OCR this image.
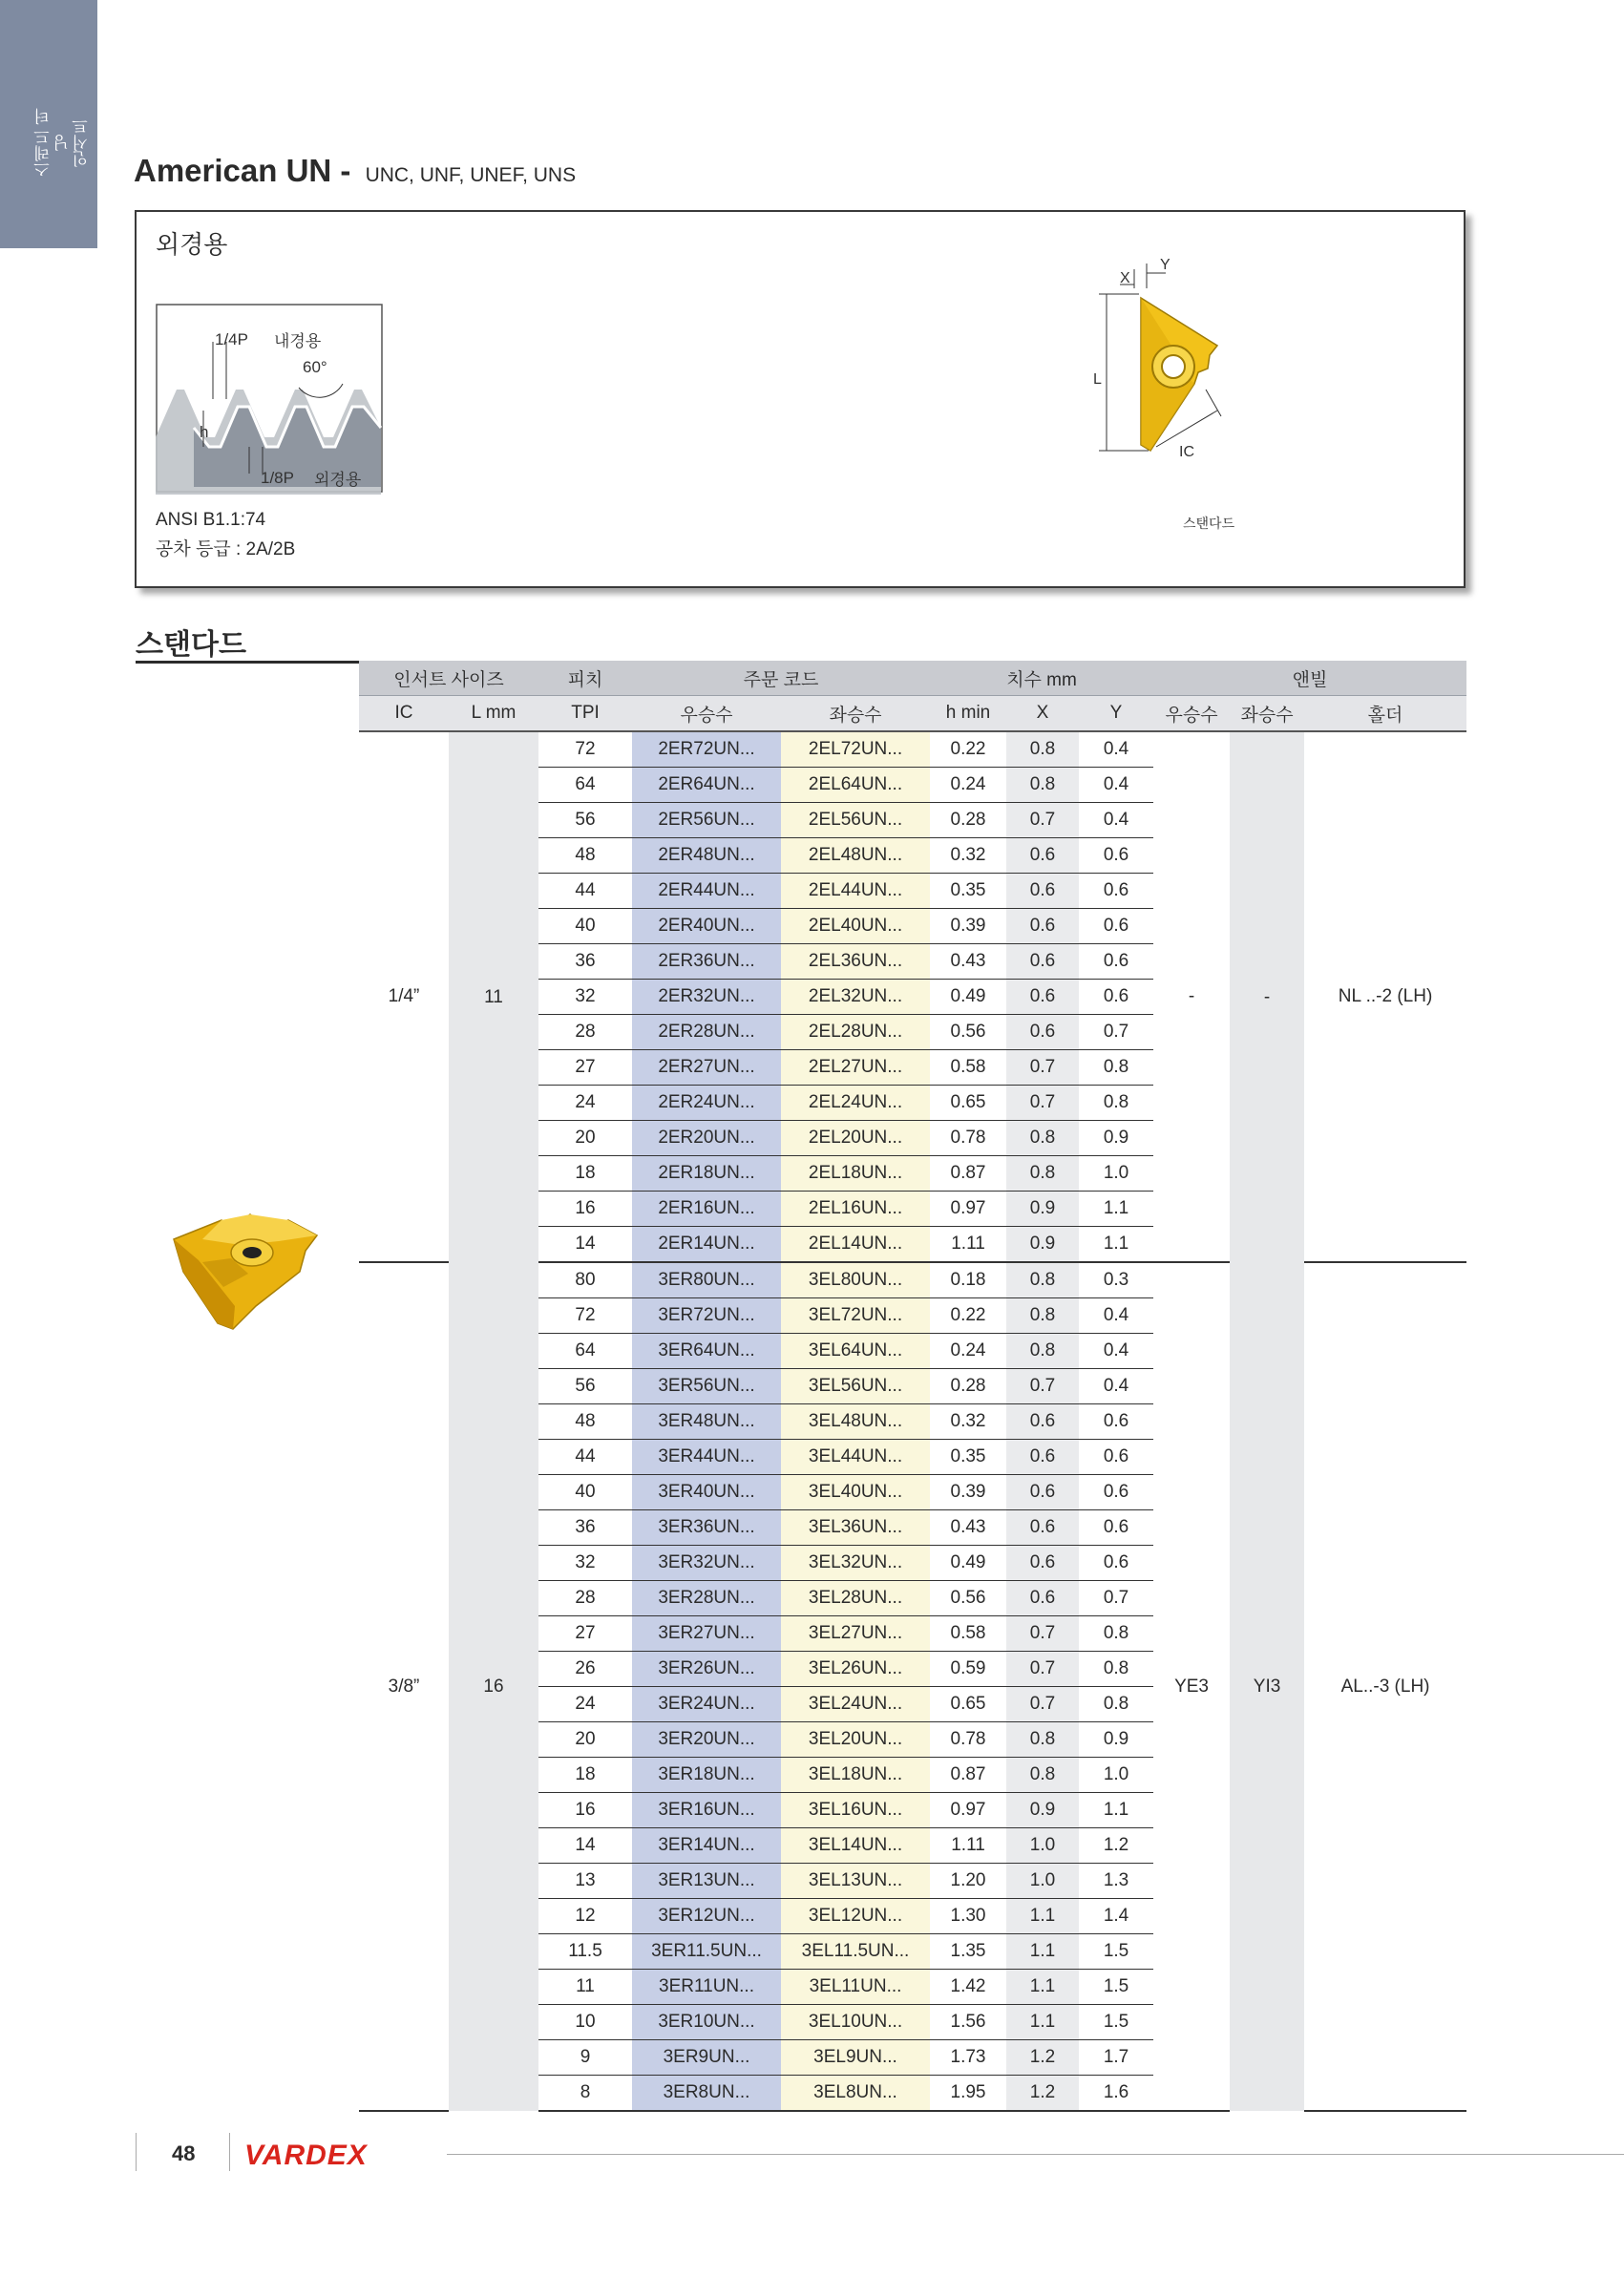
스레드 터닝 인서트
American UN - UNC, UNF, UNEF, UNS
외경용
1/4P 내경용
60°
h
1/8P 외경용
ANSI B1.1:74
공차 등급 : 2A/2B
Y
X
L
IC
스탠다드
스탠다드
인서트 사이즈		피치	주문 코드		치수 mm			앤빌		
IC	L mm	TPI	우승수	좌승수	h min	X	Y	우승수	좌승수	홀더
1/4”	11	72	2ER72UN...	2EL72UN...	0.22	0.8	0.4	-	-	NL ..-2 (LH)
		64	2ER64UN...	2EL64UN...	0.24	0.8	0.4			
		56	2ER56UN...	2EL56UN...	0.28	0.7	0.4			
		48	2ER48UN...	2EL48UN...	0.32	0.6	0.6			
		44	2ER44UN...	2EL44UN...	0.35	0.6	0.6			
		40	2ER40UN...	2EL40UN...	0.39	0.6	0.6			
		36	2ER36UN...	2EL36UN...	0.43	0.6	0.6			
		32	2ER32UN...	2EL32UN...	0.49	0.6	0.6			
		28	2ER28UN...	2EL28UN...	0.56	0.6	0.7			
		27	2ER27UN...	2EL27UN...	0.58	0.7	0.8			
		24	2ER24UN...	2EL24UN...	0.65	0.7	0.8			
		20	2ER20UN...	2EL20UN...	0.78	0.8	0.9			
		18	2ER18UN...	2EL18UN...	0.87	0.8	1.0			
		16	2ER16UN...	2EL16UN...	0.97	0.9	1.1			
		14	2ER14UN...	2EL14UN...	1.11	0.9	1.1			
3/8”	16	80	3ER80UN...	3EL80UN...	0.18	0.8	0.3	YE3	YI3	AL..-3 (LH)
		72	3ER72UN...	3EL72UN...	0.22	0.8	0.4			
		64	3ER64UN...	3EL64UN...	0.24	0.8	0.4			
		56	3ER56UN...	3EL56UN...	0.28	0.7	0.4			
		48	3ER48UN...	3EL48UN...	0.32	0.6	0.6			
		44	3ER44UN...	3EL44UN...	0.35	0.6	0.6			
		40	3ER40UN...	3EL40UN...	0.39	0.6	0.6			
		36	3ER36UN...	3EL36UN...	0.43	0.6	0.6			
		32	3ER32UN...	3EL32UN...	0.49	0.6	0.6			
		28	3ER28UN...	3EL28UN...	0.56	0.6	0.7			
		27	3ER27UN...	3EL27UN...	0.58	0.7	0.8			
		26	3ER26UN...	3EL26UN...	0.59	0.7	0.8			
		24	3ER24UN...	3EL24UN...	0.65	0.7	0.8			
		20	3ER20UN...	3EL20UN...	0.78	0.8	0.9			
		18	3ER18UN...	3EL18UN...	0.87	0.8	1.0			
		16	3ER16UN...	3EL16UN...	0.97	0.9	1.1			
		14	3ER14UN...	3EL14UN...	1.11	1.0	1.2			
		13	3ER13UN...	3EL13UN...	1.20	1.0	1.3			
		12	3ER12UN...	3EL12UN...	1.30	1.1	1.4			
		11.5	3ER11.5UN...	3EL11.5UN...	1.35	1.1	1.5			
		11	3ER11UN...	3EL11UN...	1.42	1.1	1.5			
		10	3ER10UN...	3EL10UN...	1.56	1.1	1.5			
		9	3ER9UN...	3EL9UN...	1.73	1.2	1.7			
		8	3ER8UN...	3EL8UN...	1.95	1.2	1.6			
48 VARDEX
